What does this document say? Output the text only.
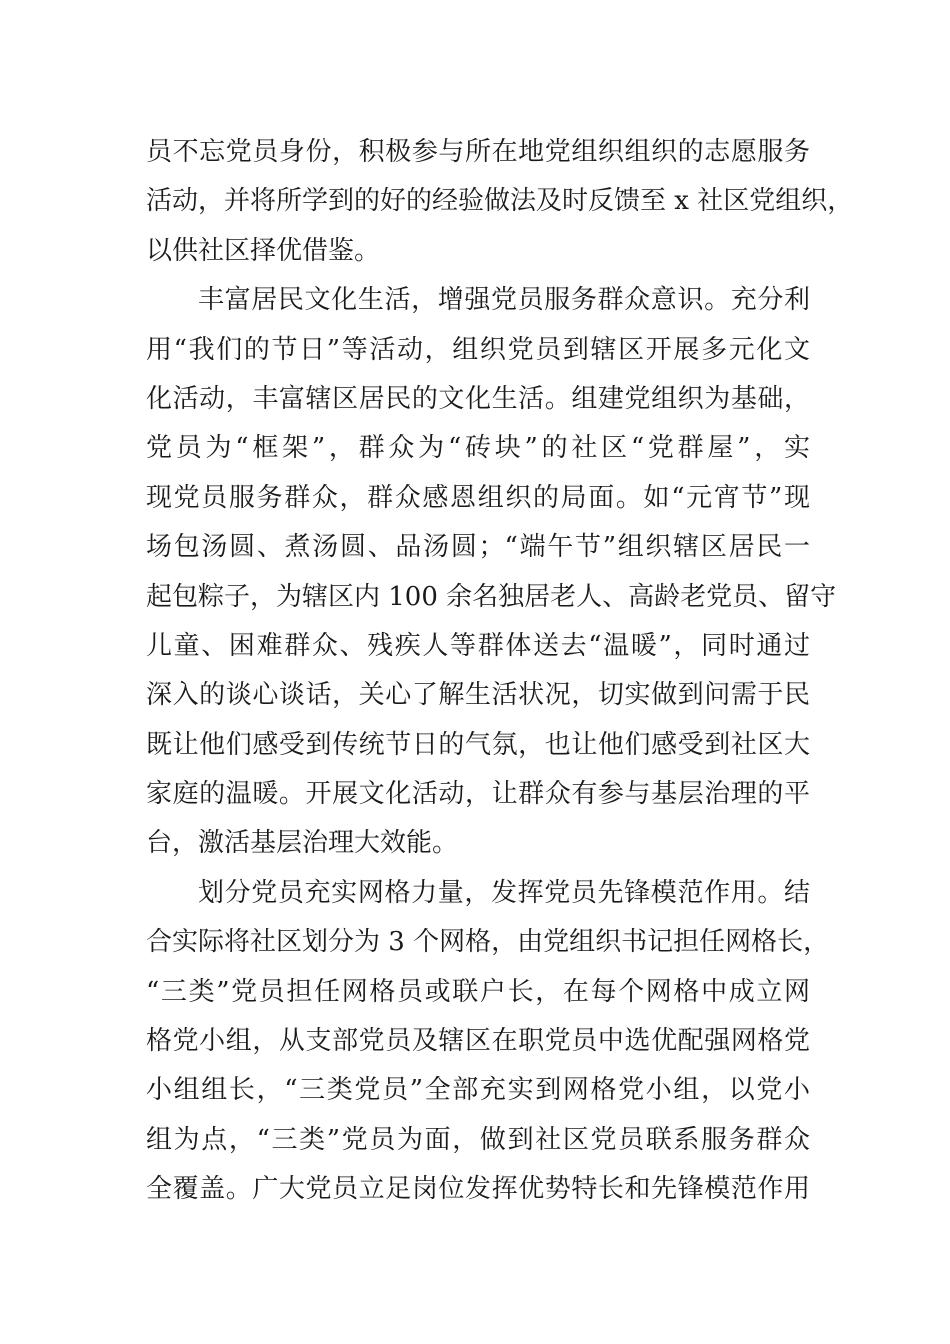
员不忘党员身份，积极参与所在地党组织组织的志愿服务
活动，并将所学到的好的经验做法及时反馈至 x 社区党组织，
以供社区择优借鉴。
丰富居民文化生活，增强党员服务群众意识。充分利
用“我们的节日”等活动，组织党员到辖区开展多元化文
化活动，丰富辖区居民的文化生活。组建党组织为基础，
党员为“框架”，群众为“砖块”的社区“党群屋”，实
现党员服务群众，群众感恩组织的局面。如“元宵节”现
场包汤圆、煮汤圆、品汤圆；“端午节”组织辖区居民一
起包粽子，为辖区内 100 余名独居老人、高龄老党员、留守
儿童、困难群众、残疾人等群体送去“温暖”，同时通过
深入的谈心谈话，关心了解生活状况，切实做到问需于民
既让他们感受到传统节日的气氛，也让他们感受到社区大
家庭的温暖。开展文化活动，让群众有参与基层治理的平
台，激活基层治理大效能。
划分党员充实网格力量，发挥党员先锋模范作用。结
合实际将社区划分为 3 个网格，由党组织书记担任网格长，
“三类”党员担任网格员或联户长，在每个网格中成立网
格党小组，从支部党员及辖区在职党员中选优配强网格党
小组组长，“三类党员”全部充实到网格党小组，以党小
组为点，“三类”党员为面，做到社区党员联系服务群众
全覆盖。广大党员立足岗位发挥优势特长和先锋模范作用
